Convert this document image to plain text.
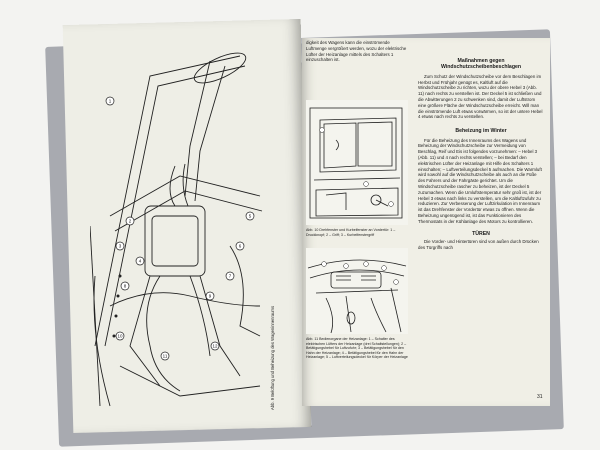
1
2
3
4
5
6
7
8
9
10
11
12	Abb. 9 Belüftung und Beheizung des Wageninnenraums

digkeit des Wagens kann die einströmende Luftmenge vergrößert werden, wozu der elektrische Lüfter der Heizanlage mittels des Schalters 1 einzuschalten ist.

Abb. 10 Drehfenster und Kurbelfenster an Vordertür: 1 – Druckknopf; 2 – Griff; 3 – Kurbelfenstergriff
Abb. 11 Bedienorgane der Heizanlage: 1 – Schalter des elektrischen Lüfters der Heizanlage (drei Schaltstellungen); 2 – Betätigungshebel für Luftzufuhr; 3 – Betätigungshebel für den Hahn der Heizanlage; 4 – Betätigungshebel für den Hahn der Heizanlage; 5 – Luftverteilungsdeckel für Körper der Heizanlage

Maßnahmen gegen Windschutzscheibenbeschlagen

Zum Schutz der Windschutzscheibe vor dem Beschlagen im Herbst und Frühjahr genügt es, Kaltluft auf die Windschutzscheibe zu richten, wozu der obere Hebel 3 (Abb. 11) nach rechts zu verstellen ist. Der Deckel 5 ist schließen und die Abwitterungen 2 zu schwenken sind, damit der Luftstrom eine größere Fläche der Windschutzscheibe erreicht. Will man die einströmende Luft etwas vorwärmen, so ist der untere Hebel 4 etwas nach rechts zu verstellen.

Beheizung im Winter

Für die Beheizung des Innenraums des Wagens und Beheizung der Windschutzscheibe zur Vermeidung von Beschlag, Reif und Eis ist folgendes vorzunehmen: – Hebel 3 (Abb. 11) und 4 nach rechts verstellen; – bei Bedarf den elektrischen Lüfter der Heizanlage mit Hilfe des Schalters 1 einschalten; – Luftverteilungsdeckel 5 aufmachen. Die Warmluft wird sowohl auf die Windschutzscheibe als auch an die Füße des Fahrers und der Fahrgäste gerichtet. Um die Windschutzscheibe rascher zu beheizen, ist der Deckel 5 zuzumachen. Wenn die Umluftstemperatur sehr groß ist, ist der Hebel 3 etwas nach links zu verstellen, um die Kaltluftzufuhr zu reduzieren. Zur Verbesserung der Luftzirkulation im Innenraum ist das Drehfenster der Vordertür etwas zu öffnen. Wenn die Beheizung ungenügend ist, ist das Funktionieren des Thermostats in der Kühlanlage des Motors zu kontrollieren.

TÜREN

Die Vorder- und Hintertüren sind von außen durch Drücken des Türgriffs nach

31
